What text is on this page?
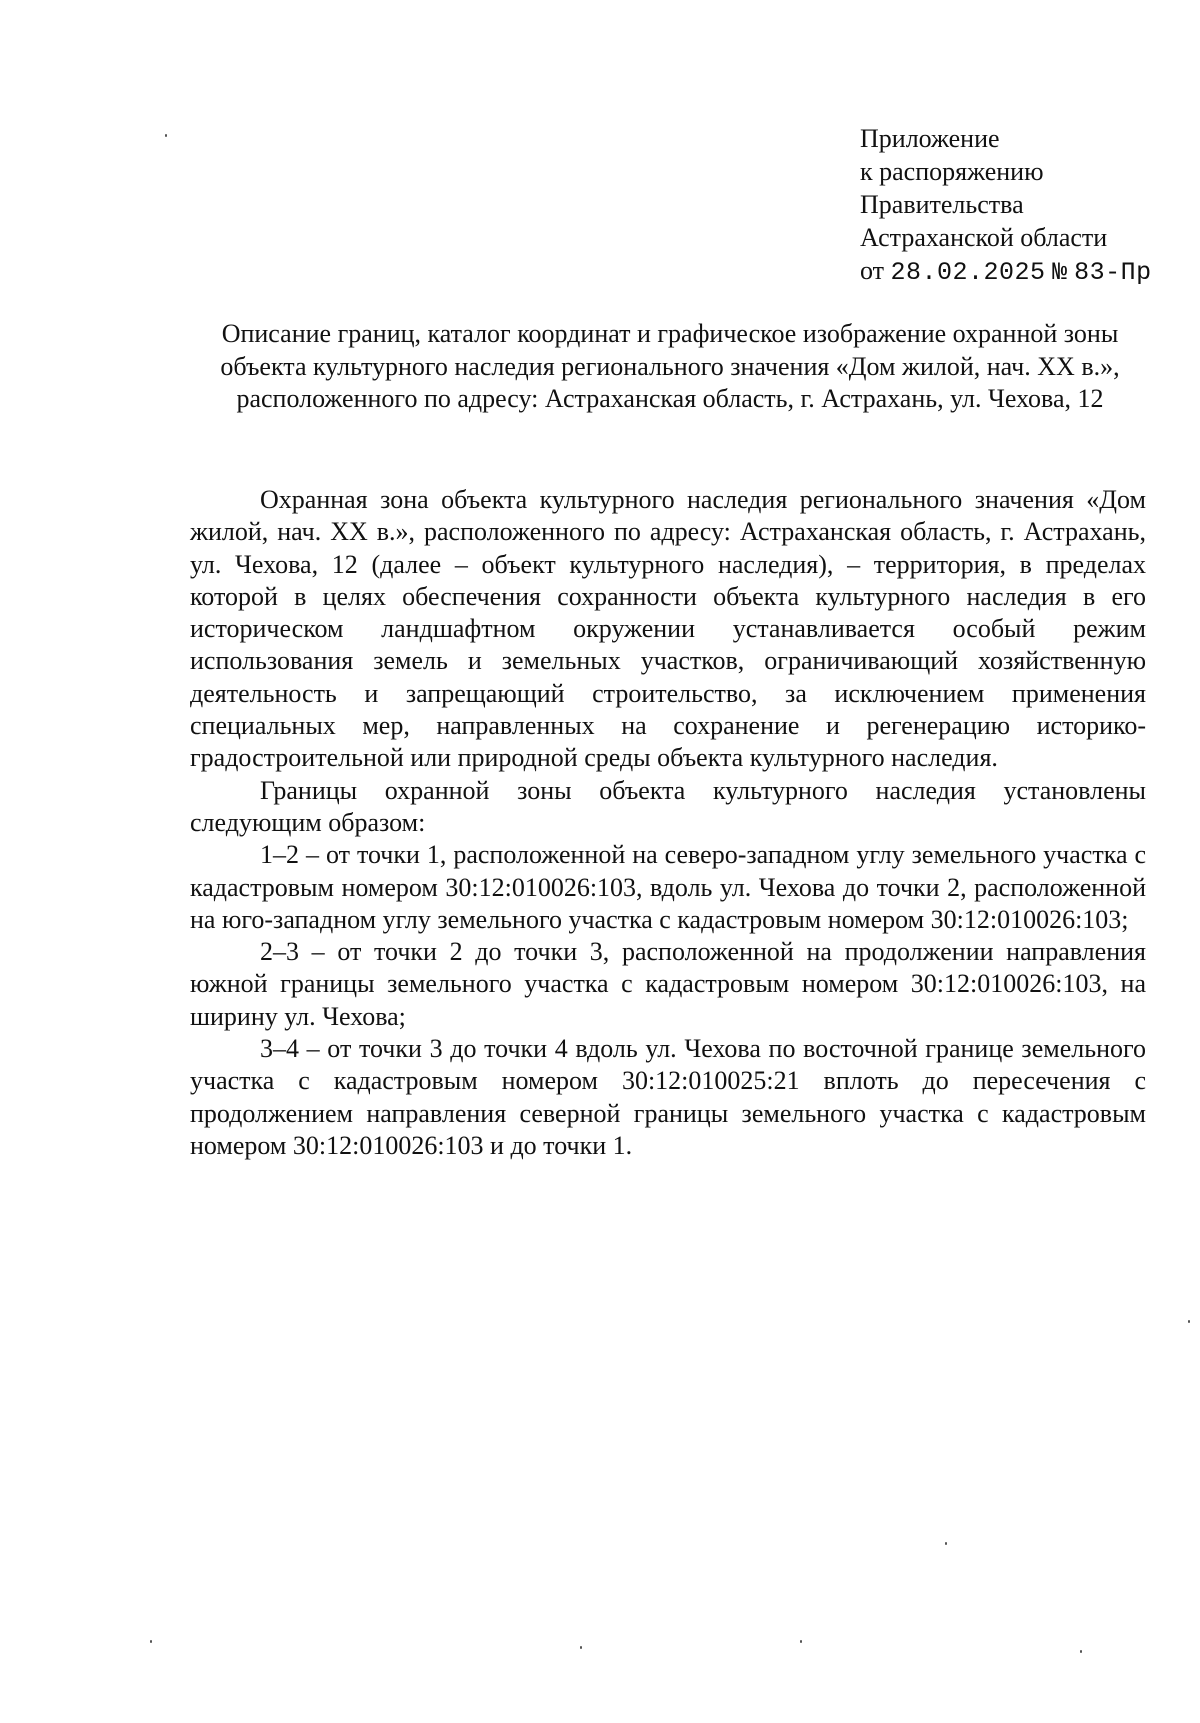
Приложение
к распоряжению
Правительства
Астраханской области
от 28.02.2025 № 83-Пр
Описание границ, каталог координат и графическое изображение охранной зоны объекта культурного наследия регионального значения «Дом жилой, нач. XX в.», расположенного по адресу: Астраханская область, г. Астрахань, ул. Чехова, 12

Охранная зона объекта культурного наследия регионального значения «Дом жилой, нач. XX в.», расположенного по адресу: Астраханская область, г. Астрахань, ул. Чехова, 12 (далее – объект культурного наследия), – территория, в пределах которой в целях обеспечения сохранности объекта культурного наследия в его историческом ландшафтном окружении устанавливается особый режим использования земель и земельных участков, ограничивающий хозяйственную деятельность и запрещающий строительство, за исключением применения специальных мер, направленных на сохранение и регенерацию историко-градостроительной или природной среды объекта культурного наследия.

Границы охранной зоны объекта культурного наследия установлены следующим образом:

1–2 – от точки 1, расположенной на северо-западном углу земельного участка с кадастровым номером 30:12:010026:103, вдоль ул. Чехова до точки 2, расположенной на юго-западном углу земельного участка с кадастровым номером 30:12:010026:103;

2–3 – от точки 2 до точки 3, расположенной на продолжении направления южной границы земельного участка с кадастровым номером 30:12:010026:103, на ширину ул. Чехова;

3–4 – от точки 3 до точки 4 вдоль ул. Чехова по восточной границе земельного участка с кадастровым номером 30:12:010025:21 вплоть до пересечения с продолжением направления северной границы земельного участка с кадастровым номером 30:12:010026:103 и до точки 1.
